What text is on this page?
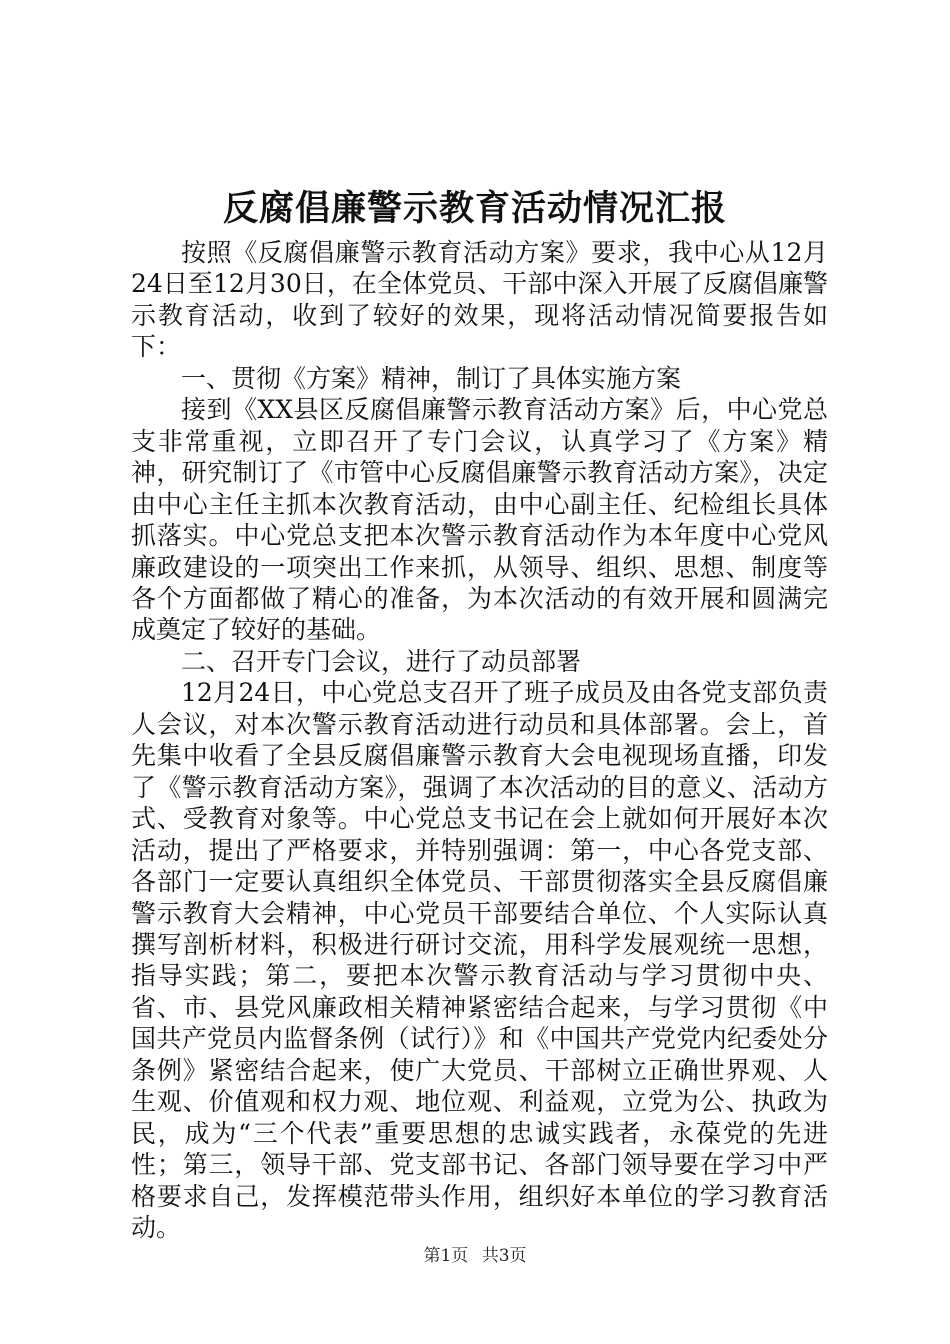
反腐倡廉警示教育活动情况汇报

按照《反腐倡廉警示教育活动方案》要求，我中心从12月24日至12月30日，在全体党员、干部中深入开展了反腐倡廉警示教育活动，收到了较好的效果，现将活动情况简要报告如下：

一、贯彻《方案》精神，制订了具体实施方案

接到《XX县区反腐倡廉警示教育活动方案》后，中心党总支非常重视，立即召开了专门会议，认真学习了《方案》精神，研究制订了《市管中心反腐倡廉警示教育活动方案》，决定由中心主任主抓本次教育活动，由中心副主任、纪检组长具体抓落实。中心党总支把本次警示教育活动作为本年度中心党风廉政建设的一项突出工作来抓，从领导、组织、思想、制度等各个方面都做了精心的准备，为本次活动的有效开展和圆满完成奠定了较好的基础。

二、召开专门会议，进行了动员部署

12月24日，中心党总支召开了班子成员及由各党支部负责人会议，对本次警示教育活动进行动员和具体部署。会上，首先集中收看了全县反腐倡廉警示教育大会电视现场直播，印发了《警示教育活动方案》，强调了本次活动的目的意义、活动方式、受教育对象等。中心党总支书记在会上就如何开展好本次活动，提出了严格要求，并特别强调：第一，中心各党支部、各部门一定要认真组织全体党员、干部贯彻落实全县反腐倡廉警示教育大会精神，中心党员干部要结合单位、个人实际认真撰写剖析材料，积极进行研讨交流，用科学发展观统一思想，指导实践；第二，要把本次警示教育活动与学习贯彻中央、省、市、县党风廉政相关精神紧密结合起来，与学习贯彻《中国共产党员内监督条例（试行）》和《中国共产党党内纪委处分条例》紧密结合起来，使广大党员、干部树立正确世界观、人生观、价值观和权力观、地位观、利益观，立党为公、执政为民，成为“三个代表”重要思想的忠诚实践者，永葆党的先进性；第三，领导干部、党支部书记、各部门领导要在学习中严格要求自己，发挥模范带头作用，组织好本单位的学习教育活动。

第1页 共3页
